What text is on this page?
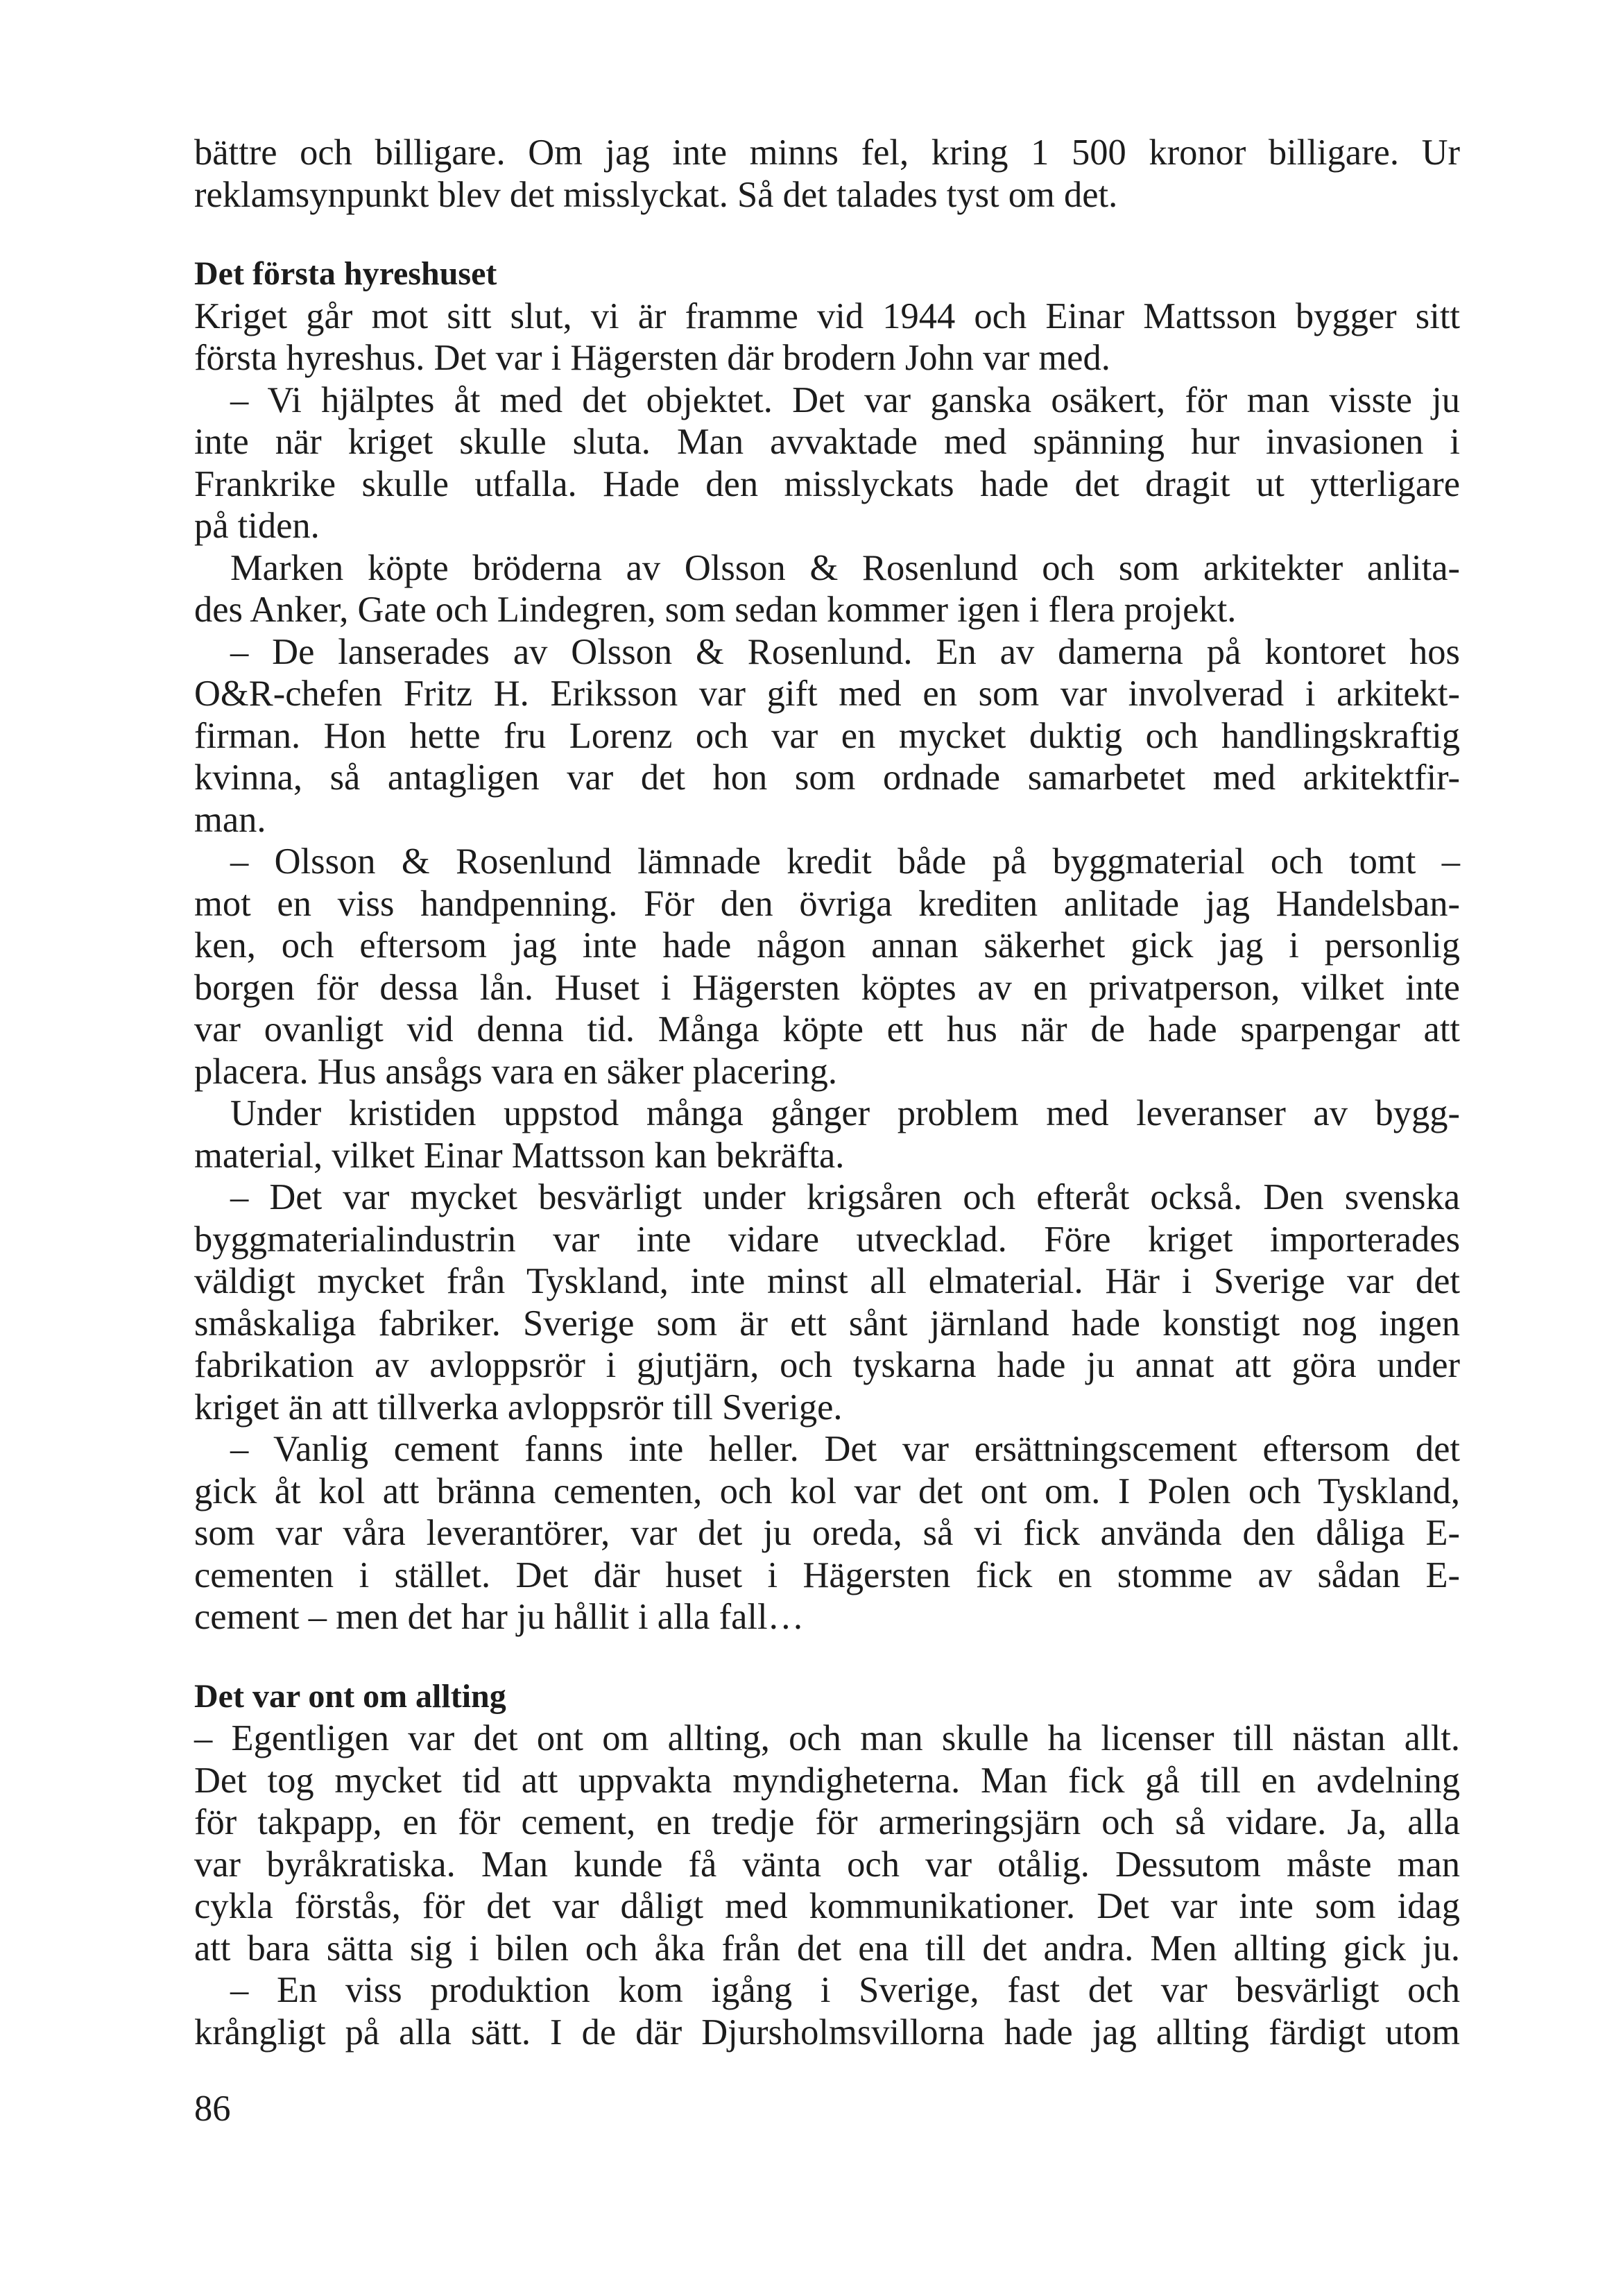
bättre och billigare. Om jag inte minns fel, kring 1 500 kronor billigare. Ur
reklamsynpunkt blev det misslyckat. Så det talades tyst om det.
Det första hyreshuset
Kriget går mot sitt slut, vi är framme vid 1944 och Einar Mattsson bygger sitt
första hyreshus. Det var i Hägersten där brodern John var med.
– Vi hjälptes åt med det objektet. Det var ganska osäkert, för man visste ju
inte när kriget skulle sluta. Man avvaktade med spänning hur invasionen i
Frankrike skulle utfalla. Hade den misslyckats hade det dragit ut ytterligare
på tiden.
Marken köpte bröderna av Olsson & Rosenlund och som arkitekter anlita-
des Anker, Gate och Lindegren, som sedan kommer igen i flera projekt.
– De lanserades av Olsson & Rosenlund. En av damerna på kontoret hos
O&R-chefen Fritz H. Eriksson var gift med en som var involverad i arkitekt-
firman. Hon hette fru Lorenz och var en mycket duktig och handlingskraftig
kvinna, så antagligen var det hon som ordnade samarbetet med arkitektfir-
man.
– Olsson & Rosenlund lämnade kredit både på byggmaterial och tomt –
mot en viss handpenning. För den övriga krediten anlitade jag Handelsban-
ken, och eftersom jag inte hade någon annan säkerhet gick jag i personlig
borgen för dessa lån. Huset i Hägersten köptes av en privatperson, vilket inte
var ovanligt vid denna tid. Många köpte ett hus när de hade sparpengar att
placera. Hus ansågs vara en säker placering.
Under kristiden uppstod många gånger problem med leveranser av bygg-
material, vilket Einar Mattsson kan bekräfta.
– Det var mycket besvärligt under krigsåren och efteråt också. Den svenska
byggmaterialindustrin var inte vidare utvecklad. Före kriget importerades
väldigt mycket från Tyskland, inte minst all elmaterial. Här i Sverige var det
småskaliga fabriker. Sverige som är ett sånt järnland hade konstigt nog ingen
fabrikation av avloppsrör i gjutjärn, och tyskarna hade ju annat att göra under
kriget än att tillverka avloppsrör till Sverige.
– Vanlig cement fanns inte heller. Det var ersättningscement eftersom det
gick åt kol att bränna cementen, och kol var det ont om. I Polen och Tyskland,
som var våra leverantörer, var det ju oreda, så vi fick använda den dåliga E-
cementen i stället. Det där huset i Hägersten fick en stomme av sådan E-
cement – men det har ju hållit i alla fall…
Det var ont om allting
– Egentligen var det ont om allting, och man skulle ha licenser till nästan allt.
Det tog mycket tid att uppvakta myndigheterna. Man fick gå till en avdelning
för takpapp, en för cement, en tredje för armeringsjärn och så vidare. Ja, alla
var byråkratiska. Man kunde få vänta och var otålig. Dessutom måste man
cykla förstås, för det var dåligt med kommunikationer. Det var inte som idag
att bara sätta sig i bilen och åka från det ena till det andra. Men allting gick ju.
– En viss produktion kom igång i Sverige, fast det var besvärligt och
krångligt på alla sätt. I de där Djursholmsvillorna hade jag allting färdigt utom
86
